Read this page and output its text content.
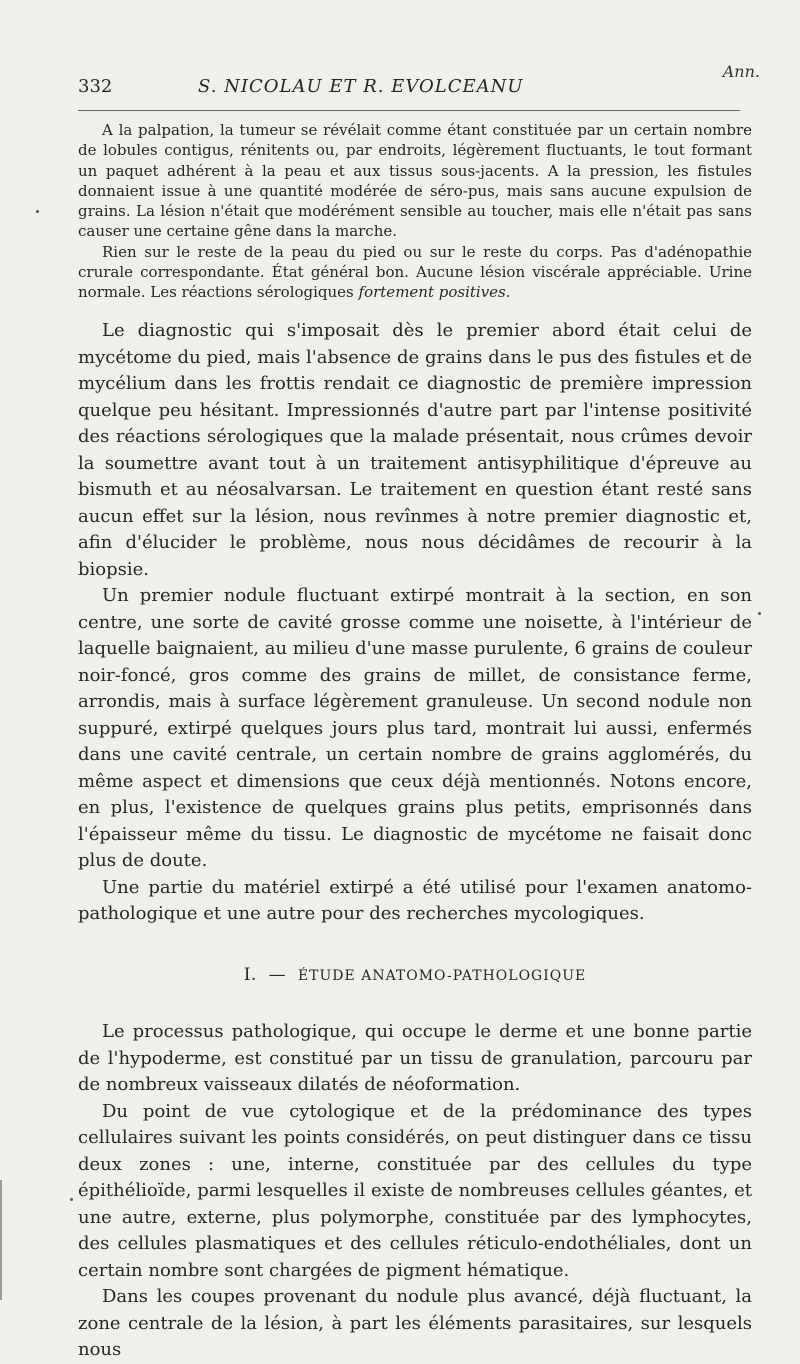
Ann.
332	S. NICOLAU ET R. EVOLCEANU

A la palpation, la tumeur se révélait comme étant constituée par un certain nombre de lobules contigus, rénitents ou, par endroits, légèrement fluctuants, le tout formant un paquet adhérent à la peau et aux tissus sous-jacents. A la pression, les fistules donnaient issue à une quantité modérée de séro-pus, mais sans aucune expulsion de grains. La lésion n'était que modérément sensible au toucher, mais elle n'était pas sans causer une certaine gêne dans la marche.

Rien sur le reste de la peau du pied ou sur le reste du corps. Pas d'adénopathie crurale correspondante. État général bon. Aucune lésion viscérale appréciable. Urine normale. Les réactions sérologiques fortement positives.

Le diagnostic qui s'imposait dès le premier abord était celui de mycétome du pied, mais l'absence de grains dans le pus des fistules et de mycélium dans les frottis rendait ce diagnostic de première impression quelque peu hésitant. Impressionnés d'autre part par l'intense positivité des réactions sérologiques que la malade présentait, nous crûmes devoir la soumettre avant tout à un traitement antisyphilitique d'épreuve au bismuth et au néosalvarsan. Le traitement en question étant resté sans aucun effet sur la lésion, nous revînmes à notre premier diagnostic et, afin d'élucider le problème, nous nous décidâmes de recourir à la biopsie.

Un premier nodule fluctuant extirpé montrait à la section, en son centre, une sorte de cavité grosse comme une noisette, à l'intérieur de laquelle baignaient, au milieu d'une masse purulente, 6 grains de couleur noir-foncé, gros comme des grains de millet, de consistance ferme, arrondis, mais à surface légèrement granuleuse. Un second nodule non suppuré, extirpé quelques jours plus tard, montrait lui aussi, enfermés dans une cavité centrale, un certain nombre de grains agglomérés, du même aspect et dimensions que ceux déjà mentionnés. Notons encore, en plus, l'existence de quelques grains plus petits, emprisonnés dans l'épaisseur même du tissu. Le diagnostic de mycétome ne faisait donc plus de doute.

Une partie du matériel extirpé a été utilisé pour l'examen anatomo-pathologique et une autre pour des recherches mycologiques.

I. — ÉTUDE ANATOMO-PATHOLOGIQUE

Le processus pathologique, qui occupe le derme et une bonne partie de l'hypoderme, est constitué par un tissu de granulation, parcouru par de nombreux vaisseaux dilatés de néoformation.

Du point de vue cytologique et de la prédominance des types cellulaires suivant les points considérés, on peut distinguer dans ce tissu deux zones : une, interne, constituée par des cellules du type épithélioïde, parmi lesquelles il existe de nombreuses cellules géantes, et une autre, externe, plus polymorphe, constituée par des lymphocytes, des cellules plasmatiques et des cellules réticulo-endothéliales, dont un certain nombre sont chargées de pigment hématique.

Dans les coupes provenant du nodule plus avancé, déjà fluctuant, la zone centrale de la lésion, à part les éléments parasitaires, sur lesquels nous
